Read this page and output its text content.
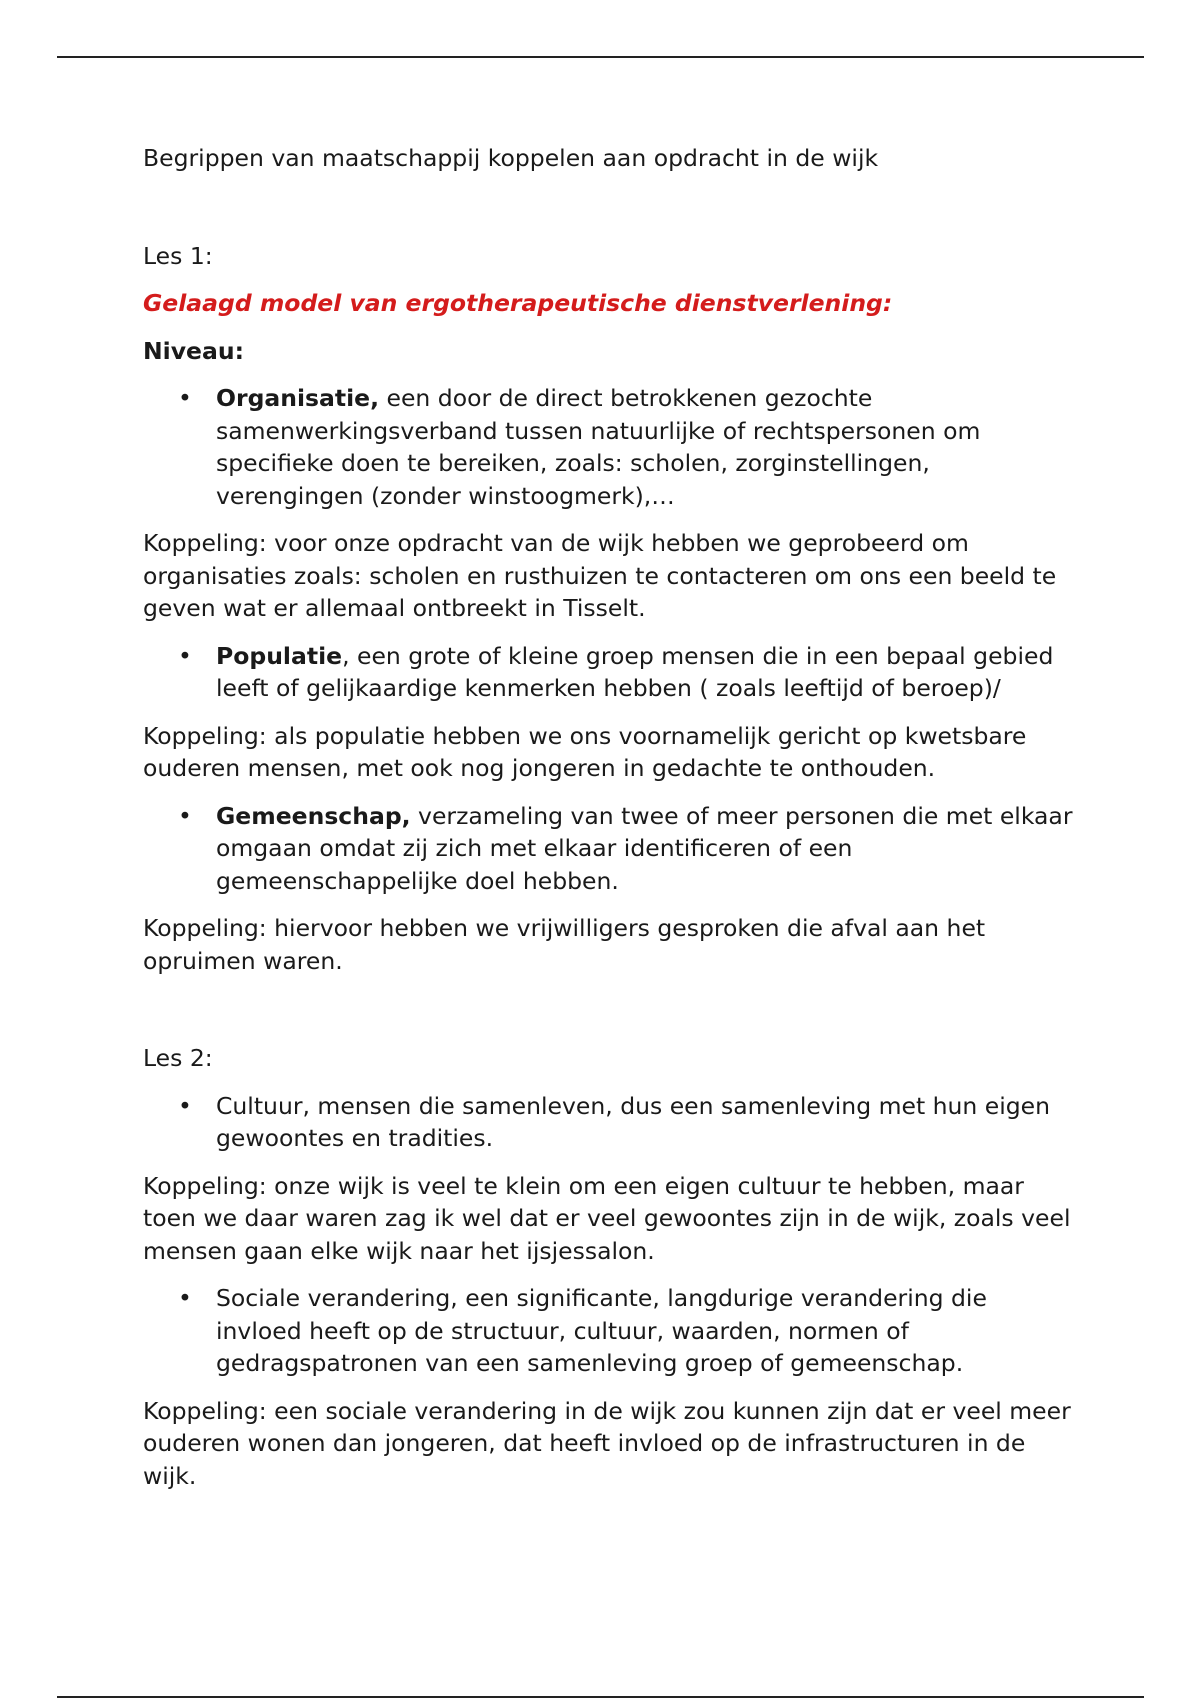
Begrippen van maatschappij koppelen aan opdracht in de wijk

Les 1:

Gelaagd model van ergotherapeutische dienstverlening:

Niveau:

• Organisatie, een door de direct betrokkenen gezochte samenwerkingsverband tussen natuurlijke of rechtspersonen om specifieke doen te bereiken, zoals: scholen, zorginstellingen, verengingen (zonder winstoogmerk),…

Koppeling: voor onze opdracht van de wijk hebben we geprobeerd om organisaties zoals: scholen en rusthuizen te contacteren om ons een beeld te geven wat er allemaal ontbreekt in Tisselt.

• Populatie, een grote of kleine groep mensen die in een bepaal gebied leeft of gelijkaardige kenmerken hebben ( zoals leeftijd of beroep)/

Koppeling: als populatie hebben we ons voornamelijk gericht op kwetsbare ouderen mensen, met ook nog jongeren in gedachte te onthouden.

• Gemeenschap, verzameling van twee of meer personen die met elkaar omgaan omdat zij zich met elkaar identificeren of een gemeenschappelijke doel hebben.

Koppeling: hiervoor hebben we vrijwilligers gesproken die afval aan het opruimen waren.

Les 2:

• Cultuur, mensen die samenleven, dus een samenleving met hun eigen gewoontes en tradities.

Koppeling: onze wijk is veel te klein om een eigen cultuur te hebben, maar toen we daar waren zag ik wel dat er veel gewoontes zijn in de wijk, zoals veel mensen gaan elke wijk naar het ijsjessalon.

• Sociale verandering, een significante, langdurige verandering die invloed heeft op de structuur, cultuur, waarden, normen of gedragspatronen van een samenleving groep of gemeenschap.

Koppeling: een sociale verandering in de wijk zou kunnen zijn dat er veel meer ouderen wonen dan jongeren, dat heeft invloed op de infrastructuren in de wijk.
